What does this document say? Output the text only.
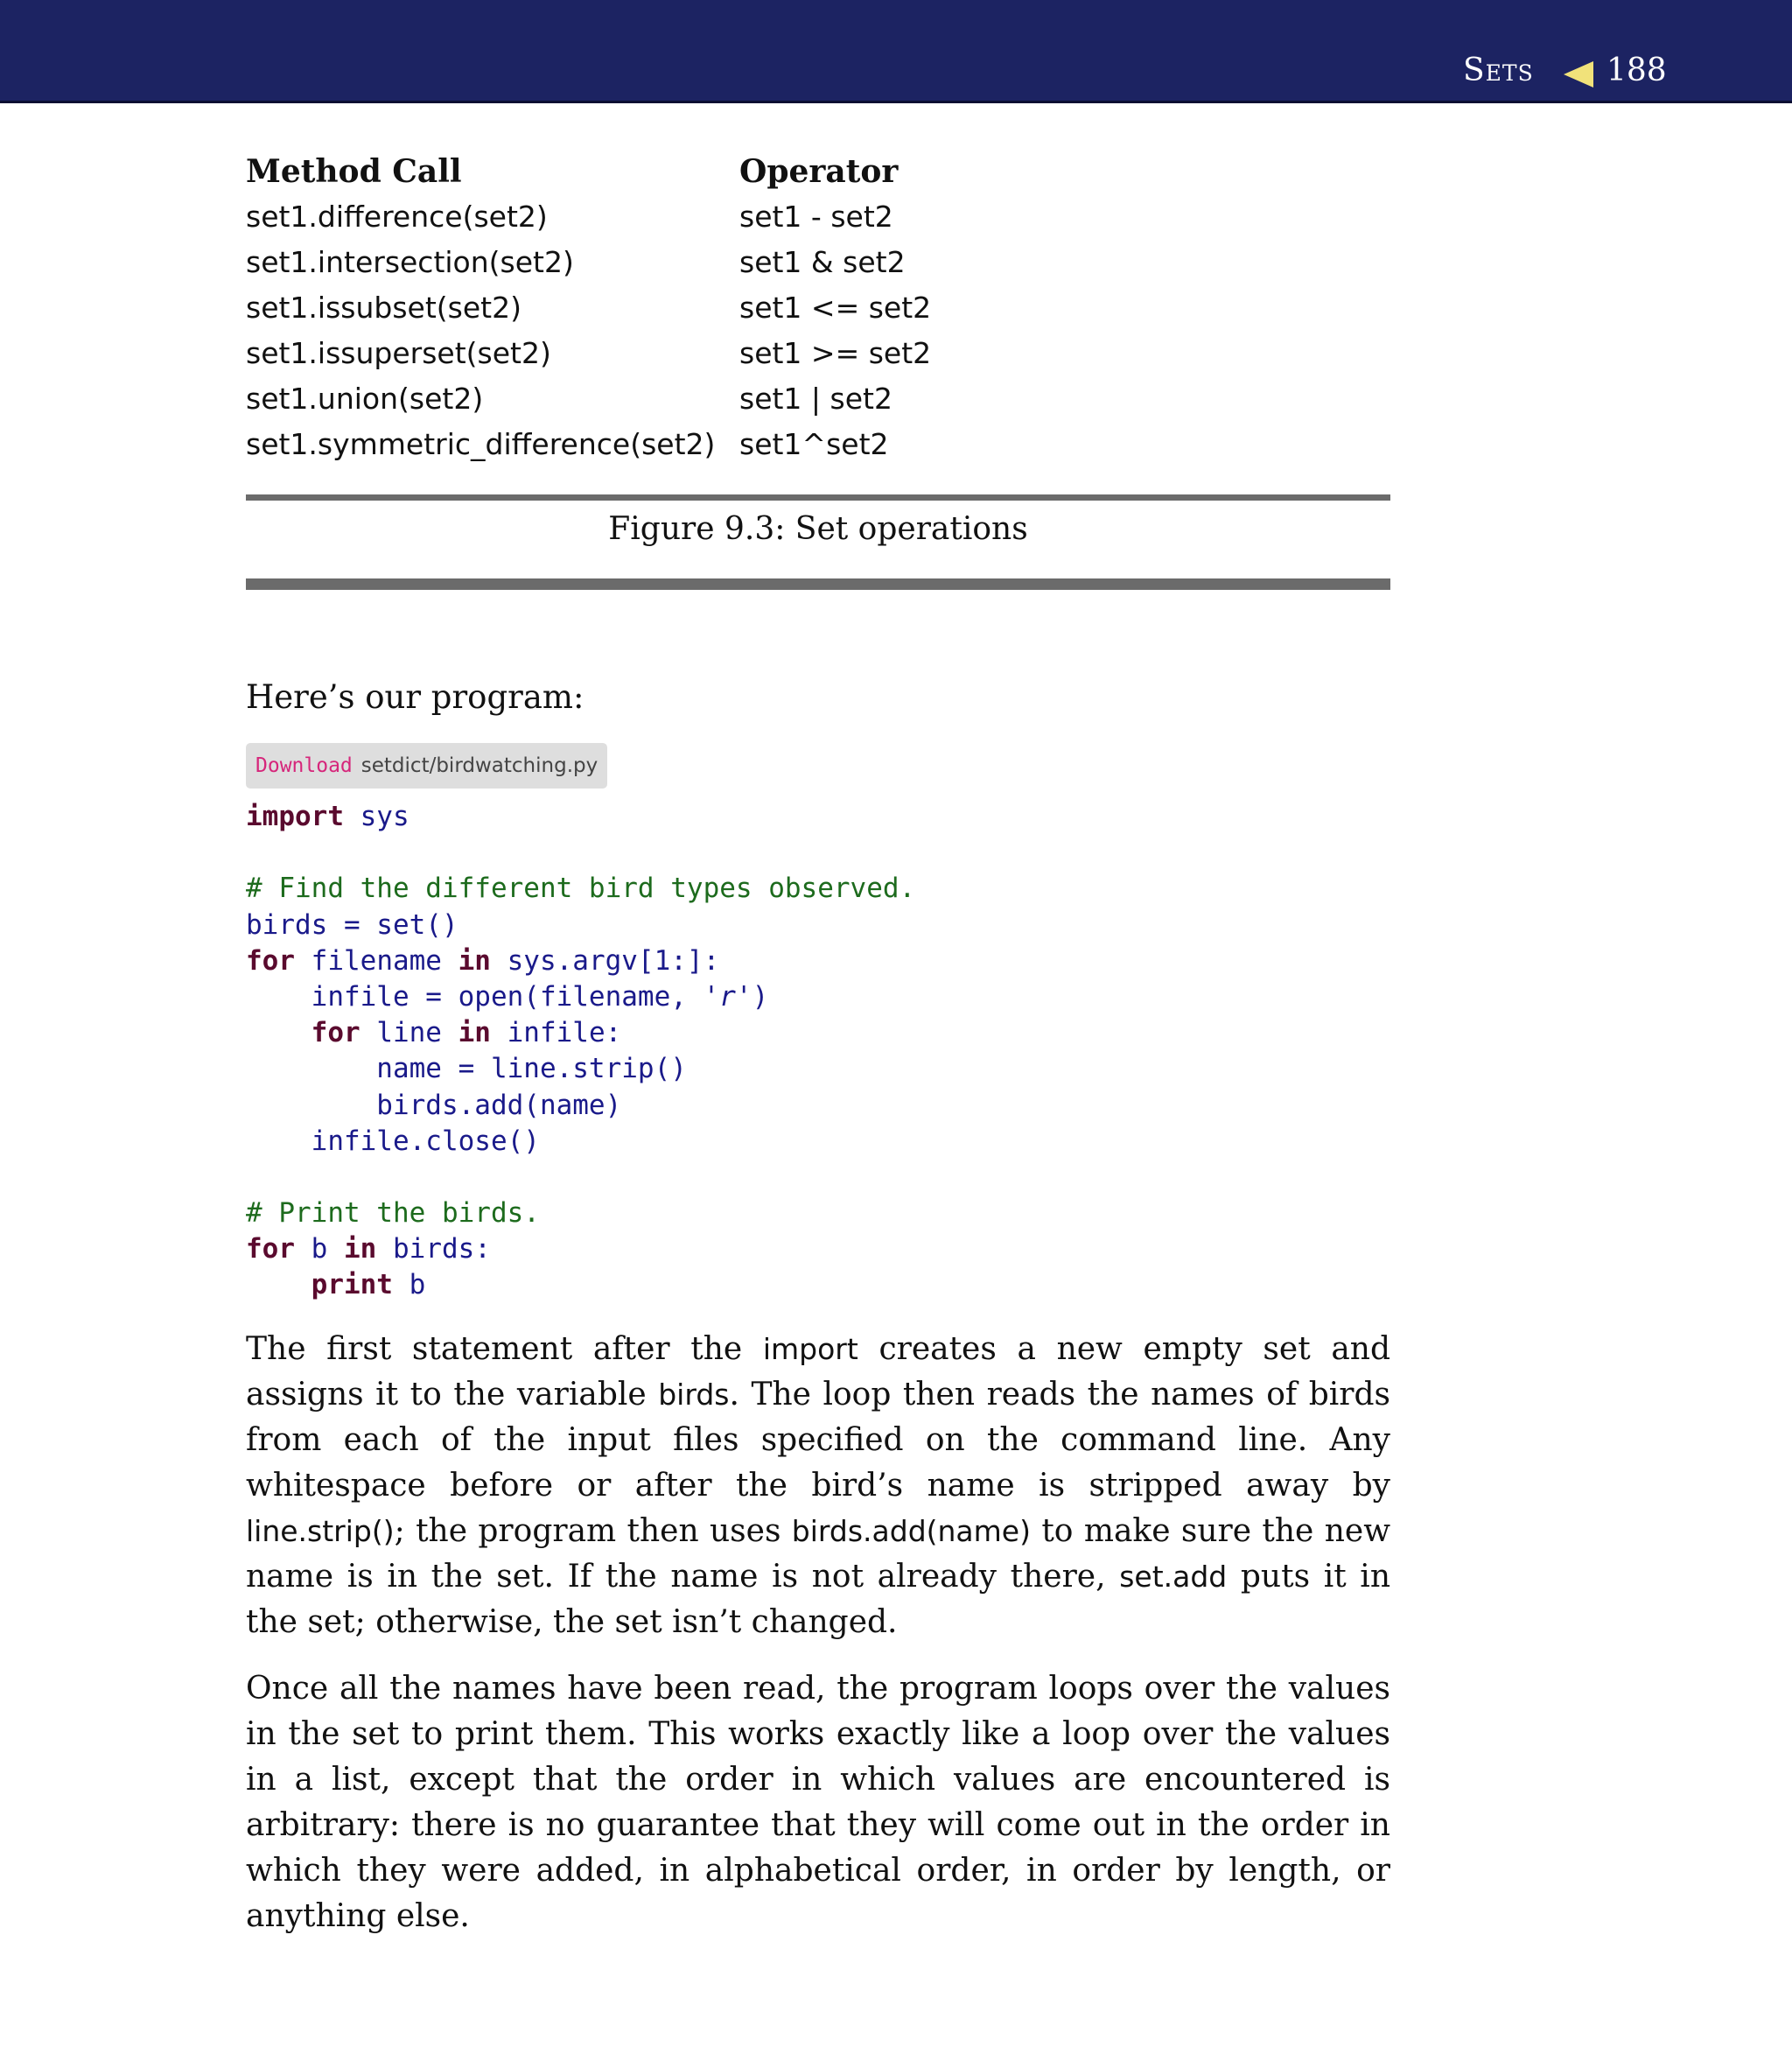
Sets 188
Method Call
set1.difference(set2)
set1.intersection(set2)
set1.issubset(set2)
set1.issuperset(set2)
set1.union(set2)
set1.symmetric_difference(set2)
Operator
set1 - set2
set1 & set2
set1 <= set2
set1 >= set2
set1 | set2
set1^set2
Figure 9.3: Set operations
Here’s our program:
Download setdict/birdwatching.py
import sys
# Find the different bird types observed.
birds = set()
for filename in sys.argv[1:]:
infile = open(filename, 'r')
for line in infile:
name = line.strip()
birds.add(name)
infile.close()
# Print the birds.
for b in birds:
print b

The first statement after the import creates a new empty set and assigns it to the variable birds. The loop then reads the names of birds from each of the input files specified on the command line. Any whitespace before or after the bird’s name is stripped away by line.strip(); the program then uses birds.add(name) to make sure the new name is in the set. If the name is not already there, set.add puts it in the set; otherwise, the set isn’t changed.

Once all the names have been read, the program loops over the values in the set to print them. This works exactly like a loop over the values in a list, except that the order in which values are encountered is arbitrary: there is no guarantee that they will come out in the order in which they were added, in alphabetical order, in order by length, or anything else.
